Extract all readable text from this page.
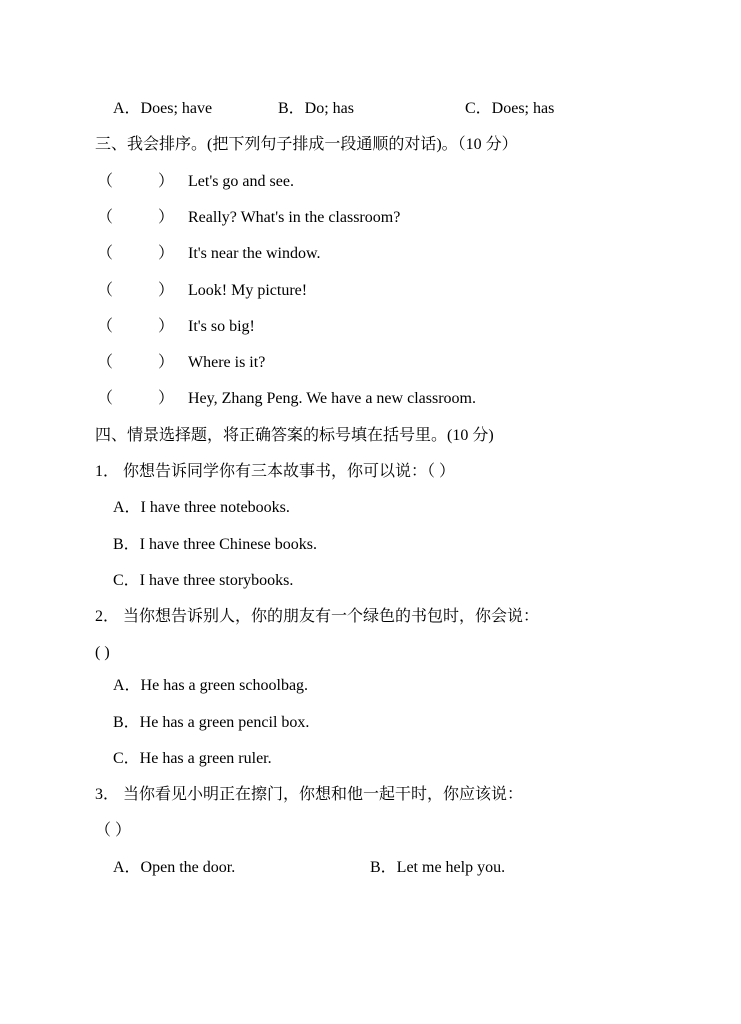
A．Does; have	B．Do; has	C．Does; has
三、我会排序。(把下列句子排成一段通顺的对话)。（10 分）
（	） Let's go and see.
（	） Really? What's in the classroom?
（	） It's near the window.
（	） Look! My picture!
（	） It's so big!
（	） Where is it?
（	） Hey, Zhang Peng. We have a new classroom.
四、情景选择题，将正确答案的标号填在括号里。(10 分)
1． 你想告诉同学你有三本故事书，你可以说：（ ）
A．I have three notebooks.
B．I have three Chinese books.
C．I have three storybooks.
2． 当你想告诉别人，你的朋友有一个绿色的书包时，你会说：
( )
A．He has a green schoolbag.
B．He has a green pencil box.
C．He has a green ruler.
3． 当你看见小明正在擦门，你想和他一起干时，你应该说：
（ ）
A．Open the door.	B．Let me help you.
